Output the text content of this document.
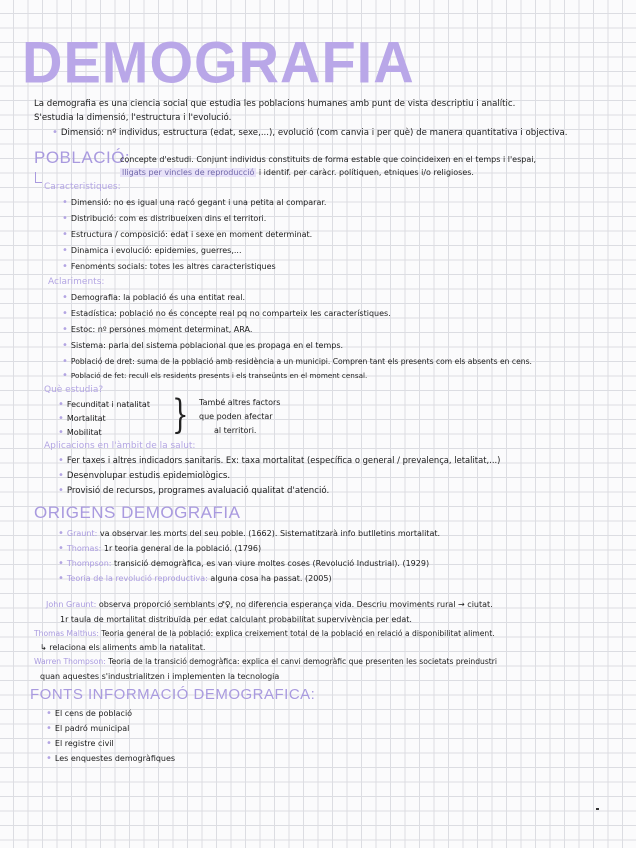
DEMOGRAFIA
La demografia es una ciencia social que estudia les poblacions humanes amb punt de vista descriptiu i analític.
S'estudia la dimensió, l'estructura i l'evolució.
• Dimensió: nº individus, estructura (edat, sexe,...), evolució (com canvia i per què) de manera quantitativa i objectiva.
POBLACIÓ:
concepte d'estudi. Conjunt individus constituits de forma estable que coincideixen en el temps i l'espai,
lligats per vincles de reproducció i identif. per caràcr. polítiquen, etniques i/o religioses.
Caracteristiques:
• Dimensió: no es igual una racó gegant i una petita al comparar.
• Distribució: com es distribueixen dins el territori.
• Estructura / composició: edat i sexe en moment determinat.
• Dinamica i evolució: epidemies, guerres,...
• Fenoments socials: totes les altres caracteristiques
Aclariments:
• Demografia: la població és una entitat real.
• Estadística: població no és concepte real pq no comparteix les característiques.
• Estoc: nº persones moment determinat, ARA.
• Sistema: parla del sistema poblacional que es propaga en el temps.
• Població de dret: suma de la població amb residència a un municipi. Compren tant els presents com els absents en cens.
• Població de fet: recull els residents presents i els transeünts en el moment censal.
Què estudia?
• Fecunditat i natalitat
• Mortalitat
• Mobilitat	} També altres factors
que poden afectar
al territori.
Aplicacions en l'àmbit de la salut:
• Fer taxes i altres indicadors sanitaris. Ex: taxa mortalitat (específica o general / prevalença, letalitat,...)
• Desenvolupar estudis epidemiològics.
• Provisió de recursos, programes avaluació qualitat d'atenció.
ORIGENS DEMOGRAFIA
• Graunt: va observar les morts del seu poble. (1662). Sistematitzarà info butlletins mortalitat.
• Thomas: 1r teoria general de la població. (1796)
• Thompson: transició demogràfica, es van viure moltes coses (Revolució Industrial). (1929)
• Teoria de la revolució reproductiva: alguna cosa ha passat. (2005)
John Graunt: observa proporció semblants ♂♀, no diferencia esperança vida. Descriu moviments rural → ciutat.
1r taula de mortalitat distribuïda per edat calculant probabilitat supervivència per edat.
Thomas Malthus: Teoria general de la població: explica creixement total de la població en relació a disponibilitat aliment.
↳ relaciona els aliments amb la natalitat.
Warren Thompson: Teoria de la transició demogràfica: explica el canvi demogràfic que presenten les societats preindustri
quan aquestes s'industrialitzen i implementen la tecnologia
FONTS INFORMACIÓ DEMOGRAFICA:
• El cens de població
• El padró municipal
• El registre civil
• Les enquestes demogràfiques
